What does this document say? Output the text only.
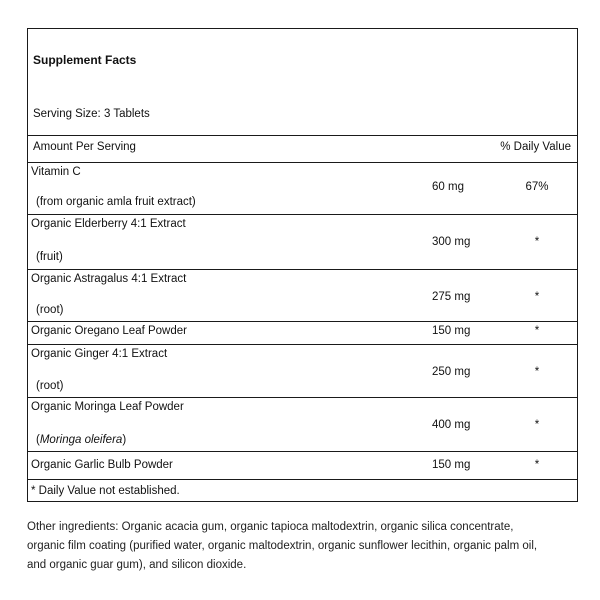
Supplement Facts
Serving Size: 3 Tablets
Amount Per Serving	% Daily Value
Vitamin C
(from organic amla fruit extract)
60 mg	67%
Organic Elderberry 4:1 Extract
(fruit)
300 mg	*
Organic Astragalus 4:1 Extract
(root)
275 mg	*
Organic Oregano Leaf Powder	150 mg	*
Organic Ginger 4:1 Extract
(root)
250 mg	*
Organic Moringa Leaf Powder
(Moringa oleifera)
400 mg	*
Organic Garlic Bulb Powder	150 mg	*
* Daily Value not established.

Other ingredients: Organic acacia gum, organic tapioca maltodextrin, organic silica concentrate,

organic film coating (purified water, organic maltodextrin, organic sunflower lecithin, organic palm oil,

and organic guar gum), and silicon dioxide.
